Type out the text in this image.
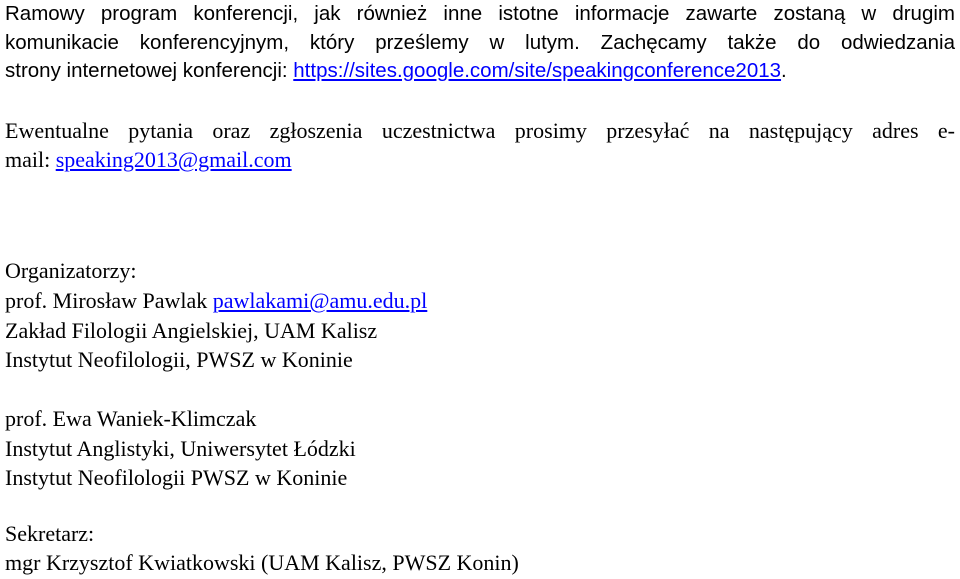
Ramowy program konferencji, jak również inne istotne informacje zawarte zostaną w drugim
komunikacie konferencyjnym, który prześlemy w lutym. Zachęcamy także do odwiedzania
strony internetowej konferencji: https://sites.google.com/site/speakingconference2013.
Ewentualne pytania oraz zgłoszenia uczestnictwa prosimy przesyłać na następujący adres e-
mail: speaking2013@gmail.com
Organizatorzy:
prof. Mirosław Pawlak pawlakami@amu.edu.pl
Zakład Filologii Angielskiej, UAM Kalisz
Instytut Neofilologii, PWSZ w Koninie
prof. Ewa Waniek-Klimczak
Instytut Anglistyki, Uniwersytet Łódzki
Instytut Neofilologii PWSZ w Koninie
Sekretarz:
mgr Krzysztof Kwiatkowski (UAM Kalisz, PWSZ Konin)
